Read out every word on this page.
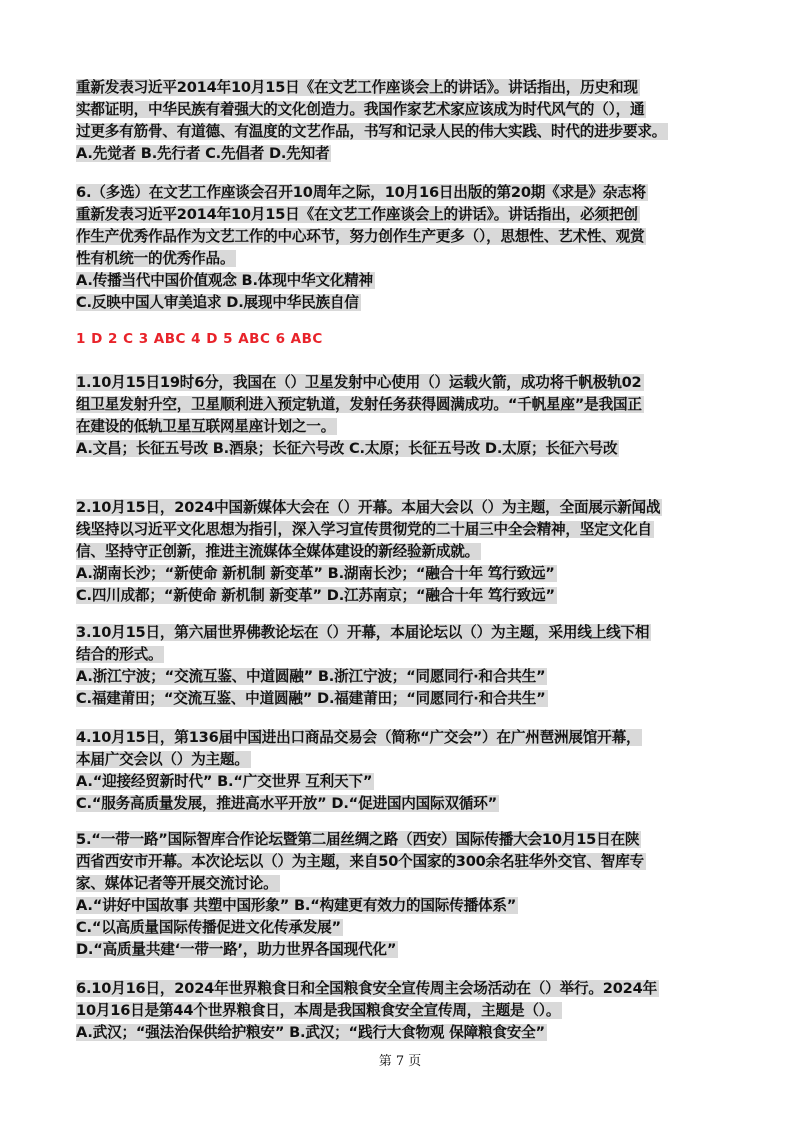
重新发表习近平2014年10月15日《在文艺工作座谈会上的讲话》。讲话指出，历史和现
实都证明，中华民族有着强大的文化创造力。我国作家艺术家应该成为时代风气的（），通
过更多有筋骨、有道德、有温度的文艺作品，书写和记录人民的伟大实践、时代的进步要求。
A.先觉者 B.先行者 C.先倡者 D.先知者
6.（多选）在文艺工作座谈会召开10周年之际，10月16日出版的第20期《求是》杂志将
重新发表习近平2014年10月15日《在文艺工作座谈会上的讲话》。讲话指出，必须把创
作生产优秀作品作为文艺工作的中心环节，努力创作生产更多（），思想性、艺术性、观赏
性有机统一的优秀作品。
A.传播当代中国价值观念 B.体现中华文化精神
C.反映中国人审美追求 D.展现中华民族自信
1 D 2 C 3 ABC 4 D 5 ABC 6 ABC
1.10月15日19时6分，我国在（）卫星发射中心使用（）运载火箭，成功将千帆极轨02
组卫星发射升空，卫星顺利进入预定轨道，发射任务获得圆满成功。“千帆星座”是我国正
在建设的低轨卫星互联网星座计划之一。
A.文昌；长征五号改 B.酒泉；长征六号改 C.太原；长征五号改 D.太原；长征六号改
2.10月15日，2024中国新媒体大会在（）开幕。本届大会以（）为主题，全面展示新闻战
线坚持以习近平文化思想为指引，深入学习宣传贯彻党的二十届三中全会精神，坚定文化自
信、坚持守正创新，推进主流媒体全媒体建设的新经验新成就。
A.湖南长沙；“新使命 新机制 新变革” B.湖南长沙；“融合十年 笃行致远”
C.四川成都；“新使命 新机制 新变革” D.江苏南京；“融合十年 笃行致远”
3.10月15日，第六届世界佛教论坛在（）开幕，本届论坛以（）为主题，采用线上线下相
结合的形式。
A.浙江宁波；“交流互鉴、中道圆融” B.浙江宁波；“同愿同行·和合共生”
C.福建莆田；“交流互鉴、中道圆融” D.福建莆田；“同愿同行·和合共生”
4.10月15日，第136届中国进出口商品交易会（简称“广交会”）在广州琶洲展馆开幕，
本届广交会以（）为主题。
A.“迎接经贸新时代” B.“广交世界 互利天下”
C.“服务高质量发展，推进高水平开放” D.“促进国内国际双循环”
5.“一带一路”国际智库合作论坛暨第二届丝绸之路（西安）国际传播大会10月15日在陕
西省西安市开幕。本次论坛以（）为主题，来自50个国家的300余名驻华外交官、智库专
家、媒体记者等开展交流讨论。
A.“讲好中国故事 共塑中国形象” B.“构建更有效力的国际传播体系”
C.“以高质量国际传播促进文化传承发展”
D.“高质量共建‘一带一路’，助力世界各国现代化”
6.10月16日，2024年世界粮食日和全国粮食安全宣传周主会场活动在（）举行。2024年
10月16日是第44个世界粮食日，本周是我国粮食安全宣传周，主题是（）。
A.武汉；“强法治保供给护粮安” B.武汉；“践行大食物观 保障粮食安全”
第 7 页
